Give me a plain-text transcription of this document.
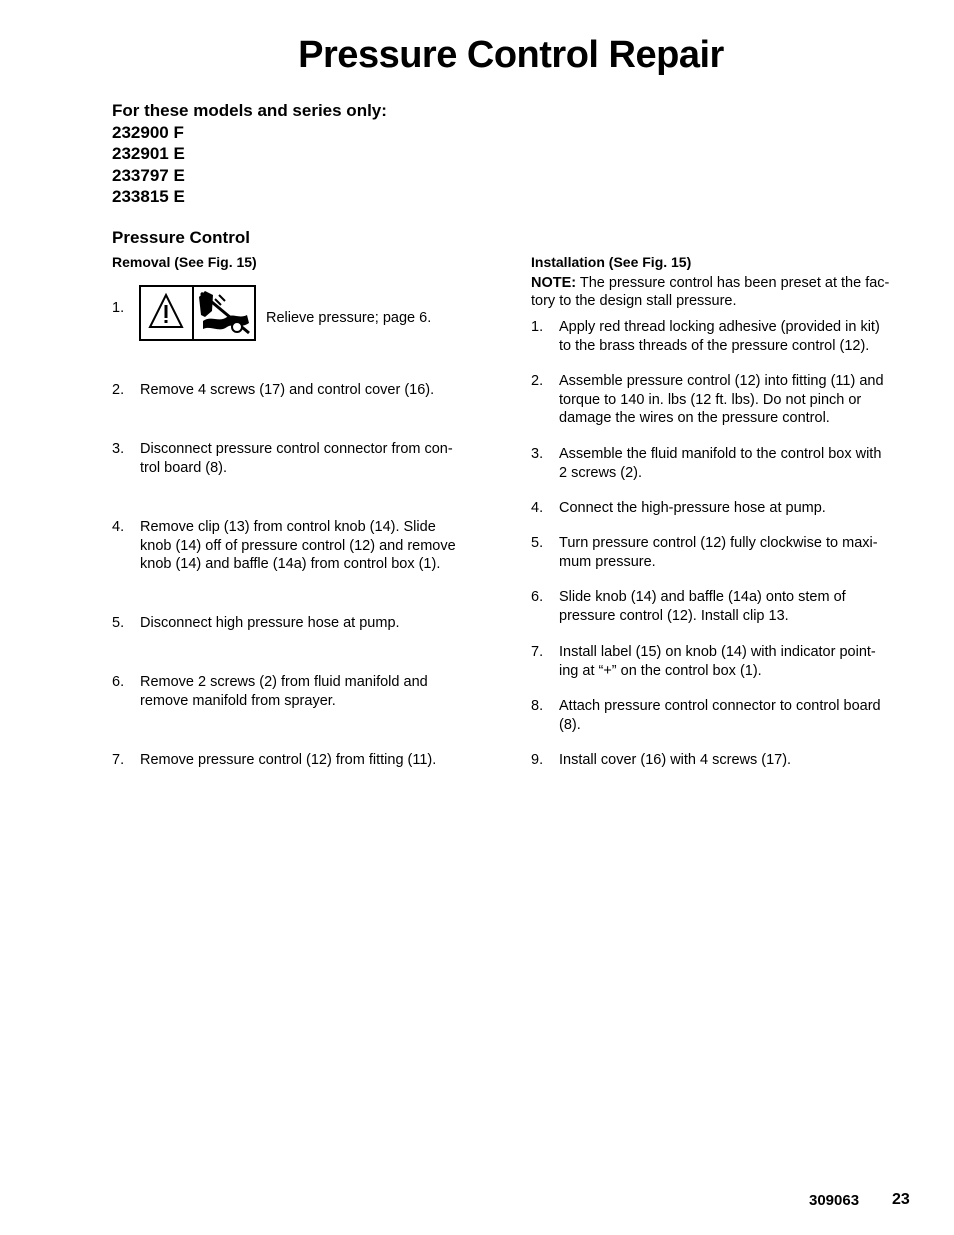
Pressure Control Repair
For these models and series only:
232900 F
232901 E
233797 E
233815 E
Pressure Control
Removal (See Fig. 15)
1.
Relieve pressure; page 6.
2. Remove 4 screws (17) and control cover (16).
3. Disconnect pressure control connector from con-
trol board (8).
4. Remove clip (13) from control knob (14). Slide
knob (14) off of pressure control (12) and remove
knob (14) and baffle (14a) from control box (1).
5. Disconnect high pressure hose at pump.
6. Remove 2 screws (2) from fluid manifold and
remove manifold from sprayer.
7. Remove pressure control (12) from fitting (11).
Installation (See Fig. 15)
NOTE: The pressure control has been preset at the fac-
tory to the design stall pressure.
1. Apply red thread locking adhesive (provided in kit)
to the brass threads of the pressure control (12).
2. Assemble pressure control (12) into fitting (11) and
torque to 140 in. lbs (12 ft. lbs). Do not pinch or
damage the wires on the pressure control.
3. Assemble the fluid manifold to the control box with
2 screws (2).
4. Connect the high-pressure hose at pump.
5. Turn pressure control (12) fully clockwise to maxi-
mum pressure.
6. Slide knob (14) and baffle (14a) onto stem of
pressure control (12). Install clip 13.
7. Install label (15) on knob (14) with indicator point-
ing at “+” on the control box (1).
8. Attach pressure control connector to control board
(8).
9. Install cover (16) with 4 screws (17).
309063 23
